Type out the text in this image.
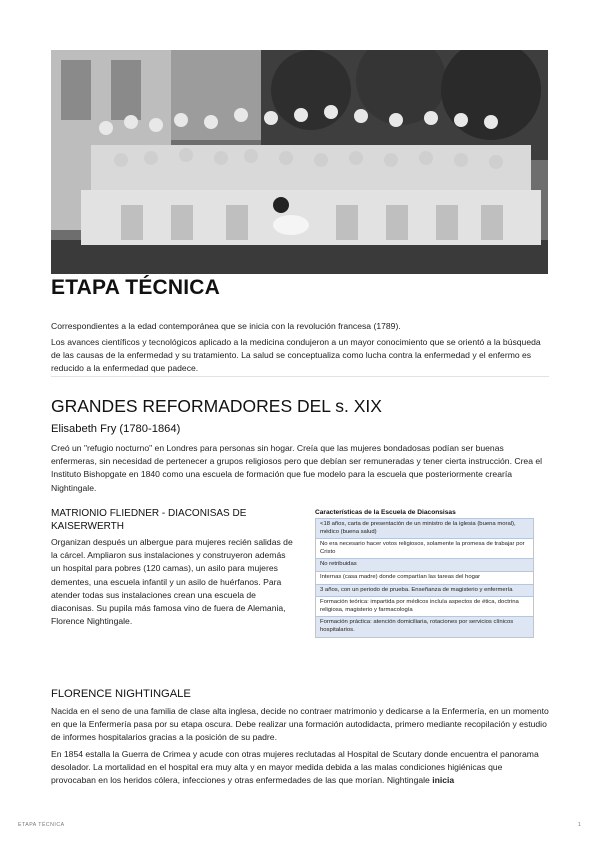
ETAPA TÉCNICA

Correspondientes a la edad contemporánea que se inicia con la revolución francesa (1789).

Los avances científicos y tecnológicos aplicado a la medicina condujeron a un mayor conocimiento que se orientó a la búsqueda de las causas de la enfermedad y su tratamiento. La salud se conceptualiza como lucha contra la enfermedad y el enfermo es reducido a la enfermedad que padece.

GRANDES REFORMADORES DEL s. XIX
Elisabeth Fry (1780-1864)

Creó un "refugio nocturno" en Londres para personas sin hogar. Creía que las mujeres bondadosas podían ser buenas enfermeras, sin necesidad de pertenecer a grupos religiosos pero que debían ser remuneradas y tener cierta instrucción. Crea el Instituto Bishopgate en 1840 como una escuela de formación que fue modelo para la escuela que posteriormente crearía Nightingale.

MATRIONIO FLIEDNER - DIACONISAS DE KAISERWERTH

Organizan después un albergue para mujeres recién salidas de la cárcel. Ampliaron sus instalaciones y construyeron además un hospital para pobres (120 camas), un asilo para mujeres dementes, una escuela infantil y un asilo de huérfanos. Para atender todas sus instalaciones crean una escuela de diaconisas. Su pupila más famosa vino de fuera de Alemania, Florence Nightingale.

Características de la Escuela de Diaconsisas
<18 años, carta de presentación de un ministro de la iglesia (buena moral), médico (buena salud)
No era necesario hacer votos religiosos, solamente la promesa de trabajar por Cristo
No retribuidas
Internas (casa madre) donde compartían las tareas del hogar
3 años, con un periodo de prueba. Enseñanza de magisterio y enfermería
Formación teórica: impartida por médicos incluía aspectos de ética, doctrina religiosa, magisterio y farmacología
Formación práctica: atención domiciliaria, rotaciones por servicios clínicos hospitalarios.
FLORENCE NIGHTINGALE

Nacida en el seno de una familia de clase alta inglesa, decide no contraer matrimonio y dedicarse a la Enfermería, en un momento en que la Enfermería pasa por su etapa oscura. Debe realizar una formación autodidacta, primero mediante recopilación y estudio de informes hospitalarios gracias a la posición de su padre.

En 1854 estalla la Guerra de Crimea y acude con otras mujeres reclutadas al Hospital de Scutary donde encuentra el panorama desolador. La mortalidad en el hospital era muy alta y en mayor medida debida a las malas condiciones higiénicas que provocaban en los heridos cólera, infecciones y otras enfermedades de las que morían. Nightingale inicia

ETAPA TÉCNICA	1
